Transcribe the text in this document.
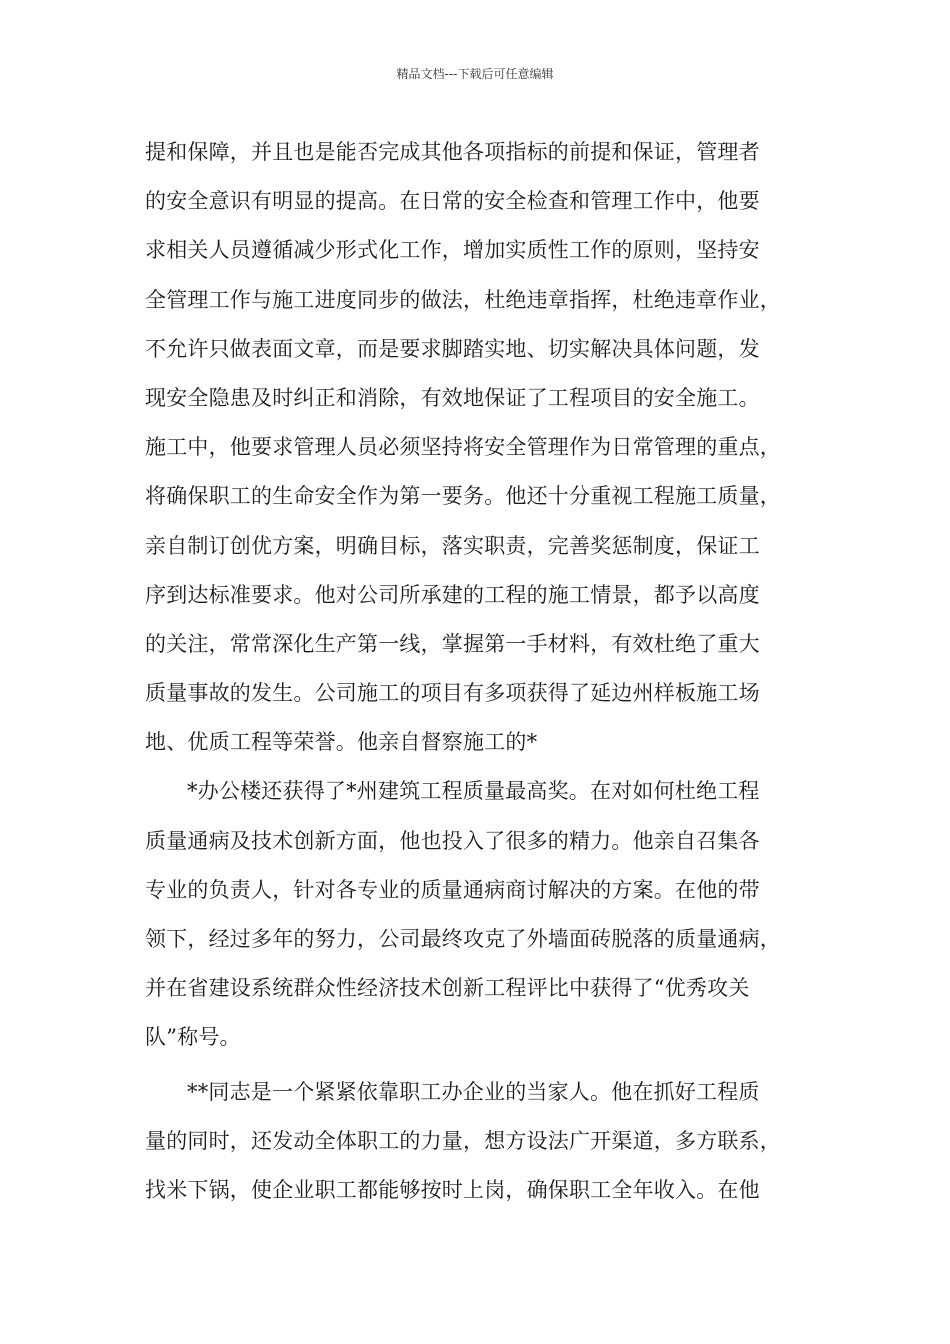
精品文档---下载后可任意编辑
提和保障，并且也是能否完成其他各项指标的前提和保证，管理者
的安全意识有明显的提高。在日常的安全检查和管理工作中，他要
求相关人员遵循减少形式化工作，增加实质性工作的原则，坚持安
全管理工作与施工进度同步的做法，杜绝违章指挥，杜绝违章作业，
不允许只做表面文章，而是要求脚踏实地、切实解决具体问题，发
现安全隐患及时纠正和消除，有效地保证了工程项目的安全施工。
施工中，他要求管理人员必须坚持将安全管理作为日常管理的重点，
将确保职工的生命安全作为第一要务。他还十分重视工程施工质量，
亲自制订创优方案，明确目标，落实职责，完善奖惩制度，保证工
序到达标准要求。他对公司所承建的工程的施工情景，都予以高度
的关注，常常深化生产第一线，掌握第一手材料，有效杜绝了重大
质量事故的发生。公司施工的项目有多项获得了延边州样板施工场
地、优质工程等荣誉。他亲自督察施工的*
*办公楼还获得了*州建筑工程质量最高奖。在对如何杜绝工程
质量通病及技术创新方面，他也投入了很多的精力。他亲自召集各
专业的负责人，针对各专业的质量通病商讨解决的方案。在他的带
领下，经过多年的努力，公司最终攻克了外墙面砖脱落的质量通病，
并在省建设系统群众性经济技术创新工程评比中获得了“优秀攻关
队”称号。
**同志是一个紧紧依靠职工办企业的当家人。他在抓好工程质
量的同时，还发动全体职工的力量，想方设法广开渠道，多方联系，
找米下锅，使企业职工都能够按时上岗，确保职工全年收入。在他
